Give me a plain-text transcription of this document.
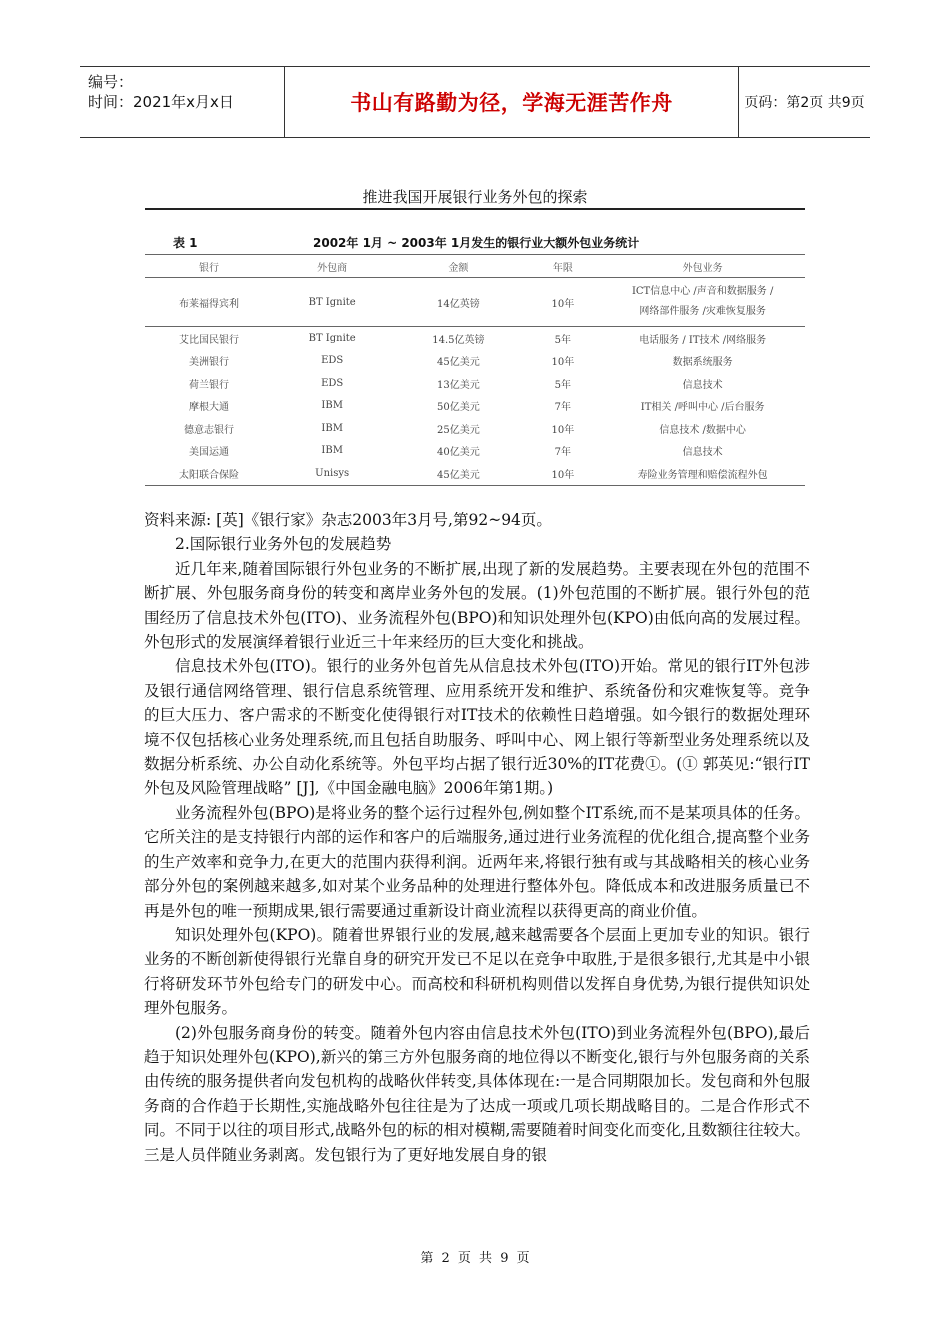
编号：
时间：2021年x月x日	书山有路勤为径，学海无涯苦作舟	页码：第2页 共9页
推进我国开展银行业务外包的探索
表 1	2002年 1月 ~ 2003年 1月发生的银行业大额外包业务统计
银行	外包商	金额	年限	外包业务
布莱福得宾利	BT Ignite	14亿英镑	10年	ICT信息中心 /声音和数据服务 /
网络部件服务 /灾难恢复服务

艾比国民银行	BT Ignite	14.5亿英镑	5年	电话服务 / IT技术 /网络服务
美洲银行	EDS	45亿美元	10年	数据系统服务
荷兰银行	EDS	13亿美元	5年	信息技术
摩根大通	IBM	50亿美元	7年	IT相关 /呼叫中心 /后台服务
德意志银行	IBM	25亿美元	10年	信息技术 /数据中心
美国运通	IBM	40亿美元	7年	信息技术
太阳联合保险	Unisys	45亿美元	10年	寿险业务管理和赔偿流程外包

资料来源: [英]《银行家》杂志2003年3月号,第92~94页。

2.国际银行业务外包的发展趋势

近几年来,随着国际银行外包业务的不断扩展,出现了新的发展趋势。主要表现在外包的范围不断扩展、外包服务商身份的转变和离岸业务外包的发展。(1)外包范围的不断扩展。银行外包的范围经历了信息技术外包(ITO)、业务流程外包(BPO)和知识处理外包(KPO)由低向高的发展过程。外包形式的发展演绎着银行业近三十年来经历的巨大变化和挑战。

信息技术外包(ITO)。银行的业务外包首先从信息技术外包(ITO)开始。常见的银行IT外包涉及银行通信网络管理、银行信息系统管理、应用系统开发和维护、系统备份和灾难恢复等。竞争的巨大压力、客户需求的不断变化使得银行对IT技术的依赖性日趋增强。如今银行的数据处理环境不仅包括核心业务处理系统,而且包括自助服务、呼叫中心、网上银行等新型业务处理系统以及数据分析系统、办公自动化系统等。外包平均占据了银行近30%的IT花费①。(① 郭英见:“银行IT外包及风险管理战略” [J],《中国金融电脑》2006年第1期。)

业务流程外包(BPO)是将业务的整个运行过程外包,例如整个IT系统,而不是某项具体的任务。它所关注的是支持银行内部的运作和客户的后端服务,通过进行业务流程的优化组合,提高整个业务的生产效率和竞争力,在更大的范围内获得利润。近两年来,将银行独有或与其战略相关的核心业务部分外包的案例越来越多,如对某个业务品种的处理进行整体外包。降低成本和改进服务质量已不再是外包的唯一预期成果,银行需要通过重新设计商业流程以获得更高的商业价值。

知识处理外包(KPO)。随着世界银行业的发展,越来越需要各个层面上更加专业的知识。银行业务的不断创新使得银行光靠自身的研究开发已不足以在竞争中取胜,于是很多银行,尤其是中小银行将研发环节外包给专门的研发中心。而高校和科研机构则借以发挥自身优势,为银行提供知识处理外包服务。

(2)外包服务商身份的转变。随着外包内容由信息技术外包(ITO)到业务流程外包(BPO),最后趋于知识处理外包(KPO),新兴的第三方外包服务商的地位得以不断变化,银行与外包服务商的关系由传统的服务提供者向发包机构的战略伙伴转变,具体体现在:一是合同期限加长。发包商和外包服务商的合作趋于长期性,实施战略外包往往是为了达成一项或几项长期战略目的。二是合作形式不同。不同于以往的项目形式,战略外包的标的相对模糊,需要随着时间变化而变化,且数额往往较大。三是人员伴随业务剥离。发包银行为了更好地发展自身的银

第 2 页 共 9 页
